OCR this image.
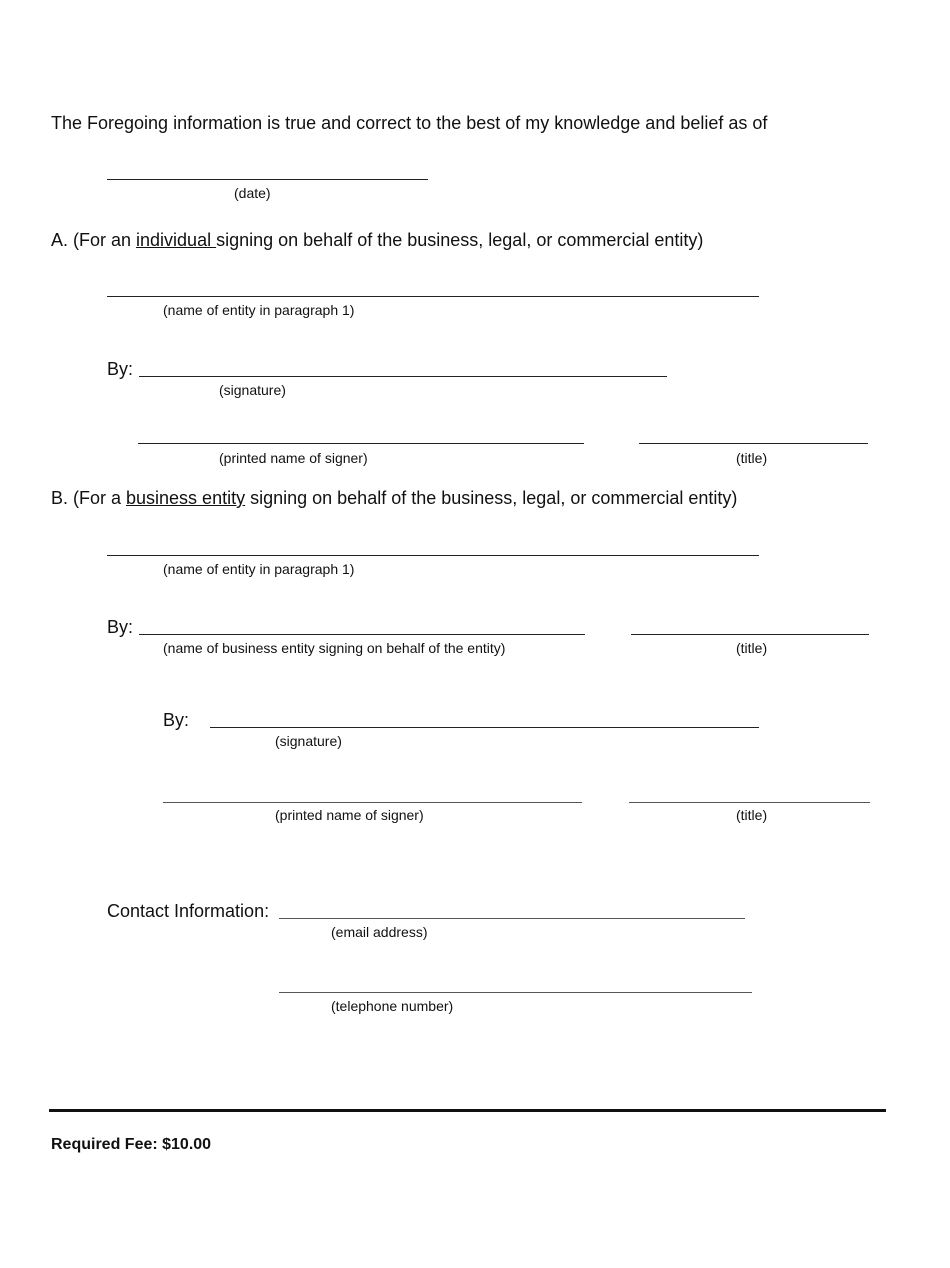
The Foregoing information is true and correct to the best of my knowledge and belief as of
(date)
A. (For an individual signing on behalf of the business, legal, or commercial entity)
(name of entity in paragraph 1)
By:
(signature)
(printed name of signer)	(title)
B. (For a business entity signing on behalf of the business, legal, or commercial entity)
(name of entity in paragraph 1)
By:
(name of business entity signing on behalf of the entity)	(title)
By:
(signature)
(printed name of signer)	(title)
Contact Information:
(email address)
(telephone number)
Required Fee: $10.00
